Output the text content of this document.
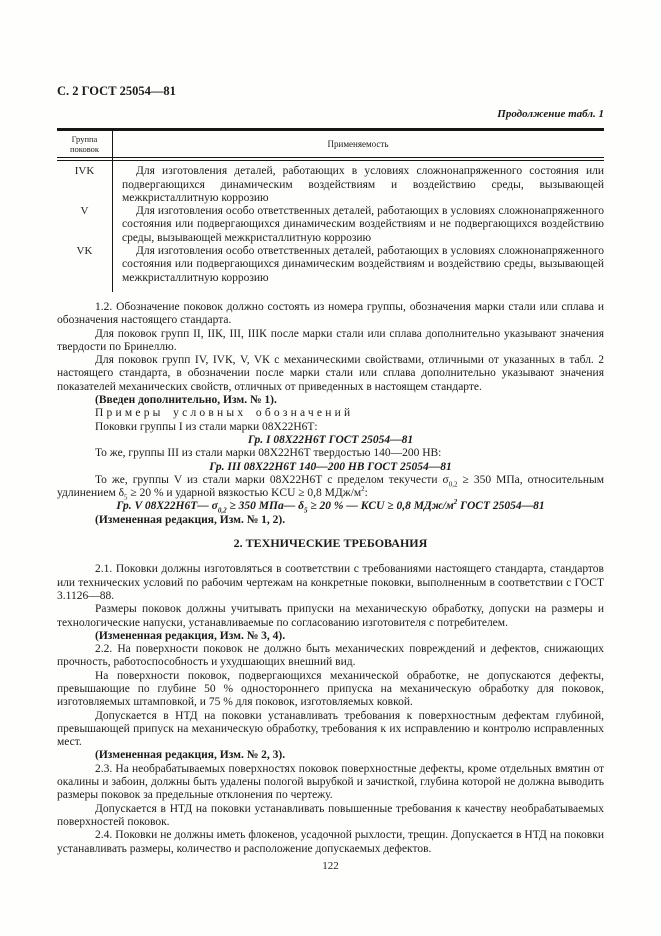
С. 2 ГОСТ 25054—81
Продолжение табл. 1
Группа поковок
Применяемость
IVK	Для изготовления деталей, работающих в условиях сложнонапряженного состояния или подвергающихся динамическим воздействиям и воздействию среды, вызывающей межкристаллитную коррозию
V	Для изготовления особо ответственных деталей, работающих в условиях сложнонапряженного состояния или подвергающихся динамическим воздействиям и не подвергающихся воздействию среды, вызывающей межкристаллитную коррозию
VK	Для изготовления особо ответственных деталей, работающих в условиях сложнонапряженного состояния или подвергающихся динамическим воздействиям и воздействию среды, вызывающей межкристаллитную коррозию

1.2. Обозначение поковок должно состоять из номера группы, обозначения марки стали или сплава и обозначения настоящего стандарта.

Для поковок групп II, IIК, III, IIIК после марки стали или сплава дополнительно указывают значения твердости по Бринеллю.

Для поковок групп IV, IVК, V, VК с механическими свойствами, отличными от указанных в табл. 2 настоящего стандарта, в обозначении после марки стали или сплава дополнительно указывают значения показателей механических свойств, отличных от приведенных в настоящем стандарте.

(Введен дополнительно, Изм. № 1).

Примеры условных обозначений

Поковки группы I из стали марки 08Х22Н6Т:

Гр. I 08Х22Н6Т ГОСТ 25054—81

То же, группы III из стали марки 08Х22Н6Т твердостью 140—200 НВ:

Гр. III 08Х22Н6Т 140—200 НВ ГОСТ 25054—81

То же, группы V из стали марки 08Х22Н6Т с пределом текучести $\sigma_{0,2} \ge 350$ МПа, относительным удлинением $\delta_5 \ge 20$ % и ударной вязкостью KCU ≥ 0,8 МДж/$м^2$:

Гр. V 08Х22Н6Т— $\sigma_{0,2} \ge 350$ МПа— $\delta_5 \ge 20$ % — KCU ≥ 0,8 МДж/$м^2$ ГОСТ 25054—81

(Измененная редакция, Изм. № 1, 2).

2. ТЕХНИЧЕСКИЕ ТРЕБОВАНИЯ

2.1. Поковки должны изготовляться в соответствии с требованиями настоящего стандарта, стандартов или технических условий по рабочим чертежам на конкретные поковки, выполненным в соответствии с ГОСТ 3.1126—88.

Размеры поковок должны учитывать припуски на механическую обработку, допуски на размеры и технологические напуски, устанавливаемые по согласованию изготовителя с потребителем.

(Измененная редакция, Изм. № 3, 4).

2.2. На поверхности поковок не должно быть механических повреждений и дефектов, снижающих прочность, работоспособность и ухудшающих внешний вид.

На поверхности поковок, подвергающихся механической обработке, не допускаются дефекты, превышающие по глубине 50 % одностороннего припуска на механическую обработку для поковок, изготовляемых штамповкой, и 75 % для поковок, изготовляемых ковкой.

Допускается в НТД на поковки устанавливать требования к поверхностным дефектам глубиной, превышающей припуск на механическую обработку, требования к их исправлению и контролю исправленных мест.

(Измененная редакция, Изм. № 2, 3).

2.3. На необрабатываемых поверхностях поковок поверхностные дефекты, кроме отдельных вмятин от окалины и забоин, должны быть удалены пологой вырубкой и зачисткой, глубина которой не должна выводить размеры поковок за предельные отклонения по чертежу.

Допускается в НТД на поковки устанавливать повышенные требования к качеству необрабатываемых поверхностей поковок.

2.4. Поковки не должны иметь флокенов, усадочной рыхлости, трещин. Допускается в НТД на поковки устанавливать размеры, количество и расположение допускаемых дефектов.

122
